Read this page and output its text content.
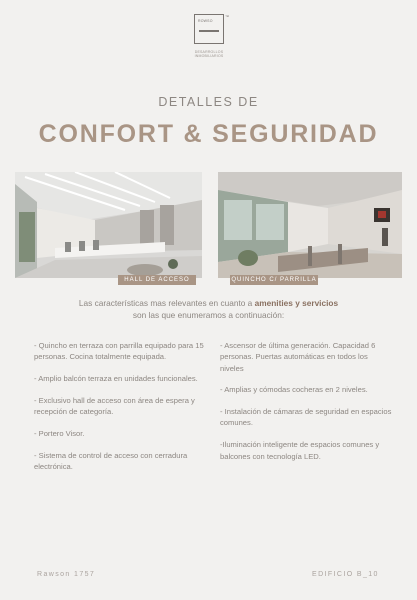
ROWSO
™
DESARROLLOS INMOBILIARIOS
DETALLES DE
CONFORT & SEGURIDAD
HALL DE ACCESO	QUINCHO C/ PARRILLA
Las características mas relevantes en cuanto a amenities y servicios
son las que enumeramos a continuación:

- Quincho en terraza con parrilla equipado para 15 personas. Cocina totalmente equipada.

- Amplio balcón terraza en unidades funcionales.

- Exclusivo hall de acceso con área de espera y recepción de categoría.

- Portero Visor.

- Sistema de control de acceso con cerradura electrónica.

- Ascensor de última generación. Capacidad 6 personas. Puertas automáticas en todos los niveles

- Amplias y cómodas cocheras en 2 niveles.

- Instalación de cámaras de seguridad en espacios comunes.

-Iluminación inteligente de espacios comunes y balcones con tecnología LED.

Rawson 1757	EDIFICIO B_10
